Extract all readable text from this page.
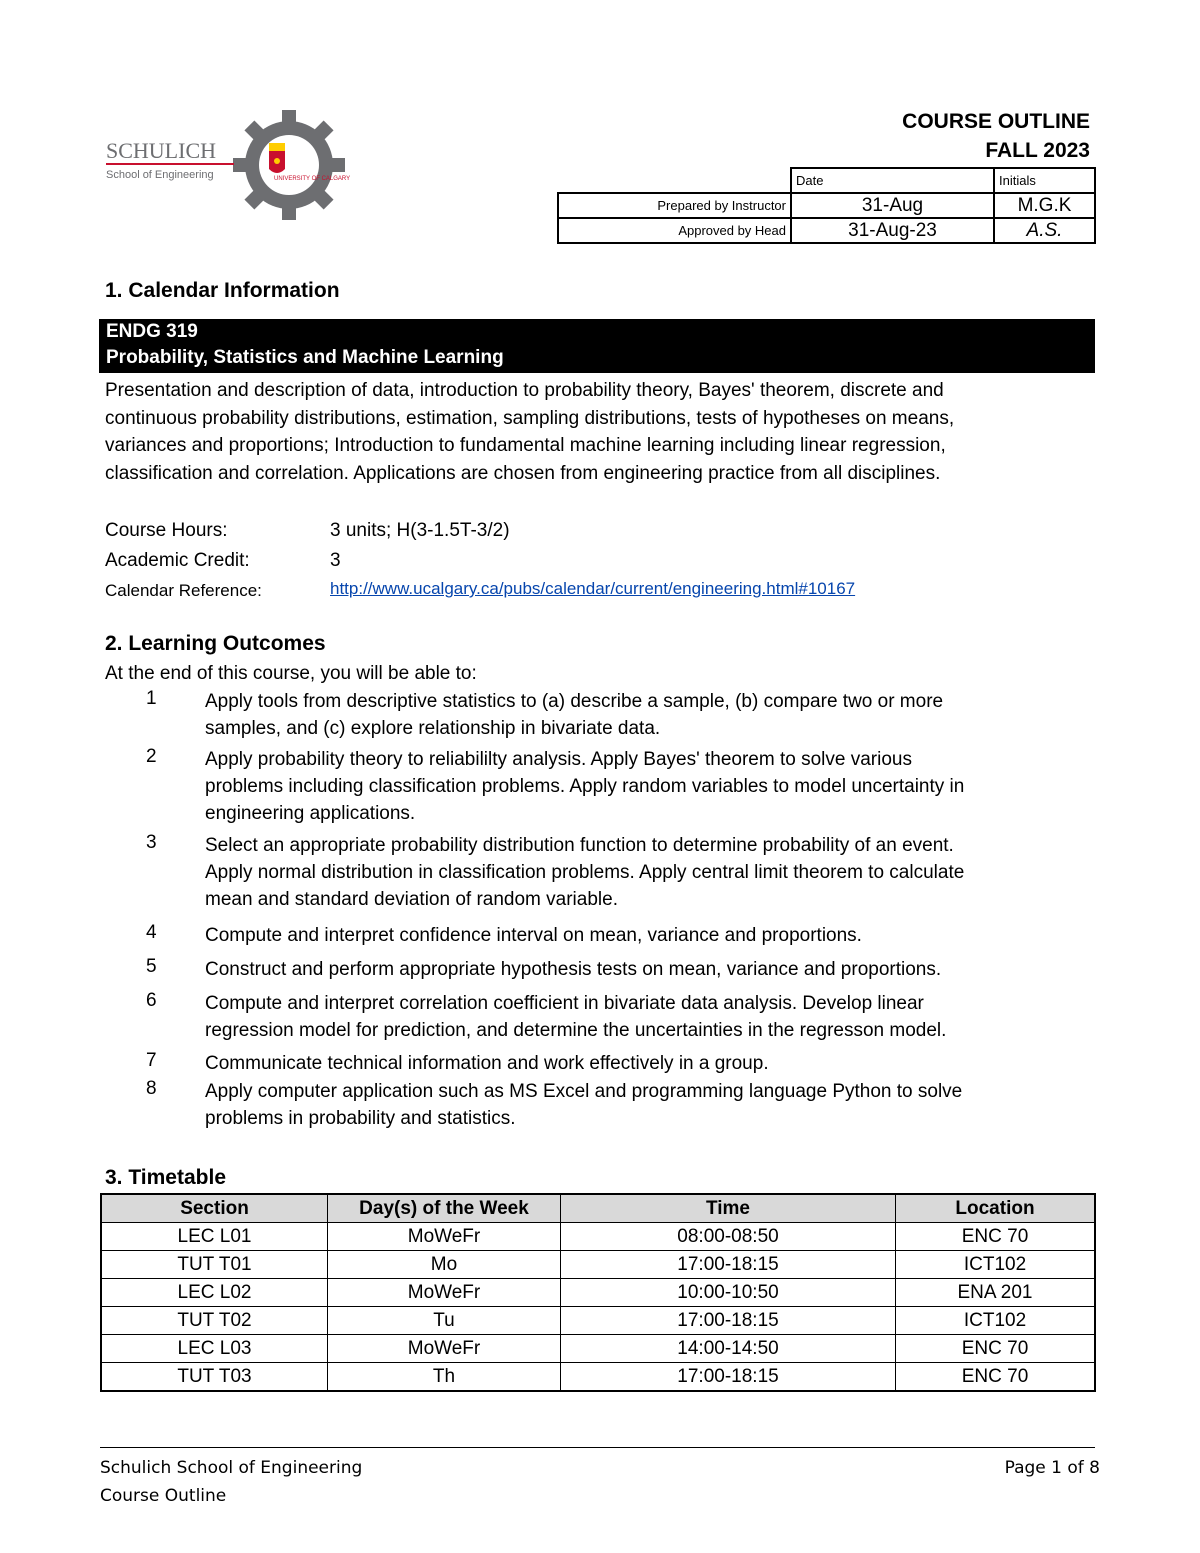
SCHULICH
School of Engineering	UNIVERSITY OF CALGARY
COURSE OUTLINE
FALL 2023
	Date	Initials
Prepared by Instructor	31-Aug	M.G.K
Approved by Head	31-Aug-23	A.S.
1. Calendar Information
ENDG 319
Probability, Statistics and Machine Learning
Presentation and description of data, introduction to probability theory, Bayes' theorem, discrete and
continuous probability distributions, estimation, sampling distributions, tests of hypotheses on means,
variances and proportions; Introduction to fundamental machine learning including linear regression,
classification and correlation. Applications are chosen from engineering practice from all disciplines.
Course Hours:	3 units; H(3-1.5T-3/2)
Academic Credit:	3
Calendar Reference:	http://www.ucalgary.ca/pubs/calendar/current/engineering.html#10167
2. Learning Outcomes
At the end of this course, you will be able to:
1	Apply tools from descriptive statistics to (a) describe a sample, (b) compare two or more
samples, and (c) explore relationship in bivariate data.
2	Apply probability theory to reliabililty analysis. Apply Bayes' theorem to solve various
problems including classification problems. Apply random variables to model uncertainty in
engineering applications.
3	Select an appropriate probability distribution function to determine probability of an event.
Apply normal distribution in classification problems. Apply central limit theorem to calculate
mean and standard deviation of random variable.
4	Compute and interpret confidence interval on mean, variance and proportions.
5	Construct and perform appropriate hypothesis tests on mean, variance and proportions.
6	Compute and interpret correlation coefficient in bivariate data analysis. Develop linear
regression model for prediction, and determine the uncertainties in the regresson model.
7	Communicate technical information and work effectively in a group.
8	Apply computer application such as MS Excel and programming language Python to solve
problems in probability and statistics.
3. Timetable
Section	Day(s) of the Week	Time	Location
LEC L01	MoWeFr	08:00-08:50	ENC 70
TUT T01	Mo	17:00-18:15	ICT102
LEC L02	MoWeFr	10:00-10:50	ENA 201
TUT T02	Tu	17:00-18:15	ICT102
LEC L03	MoWeFr	14:00-14:50	ENC 70
TUT T03	Th	17:00-18:15	ENC 70
Schulich School of Engineering
Course Outline
Page 1 of 8
